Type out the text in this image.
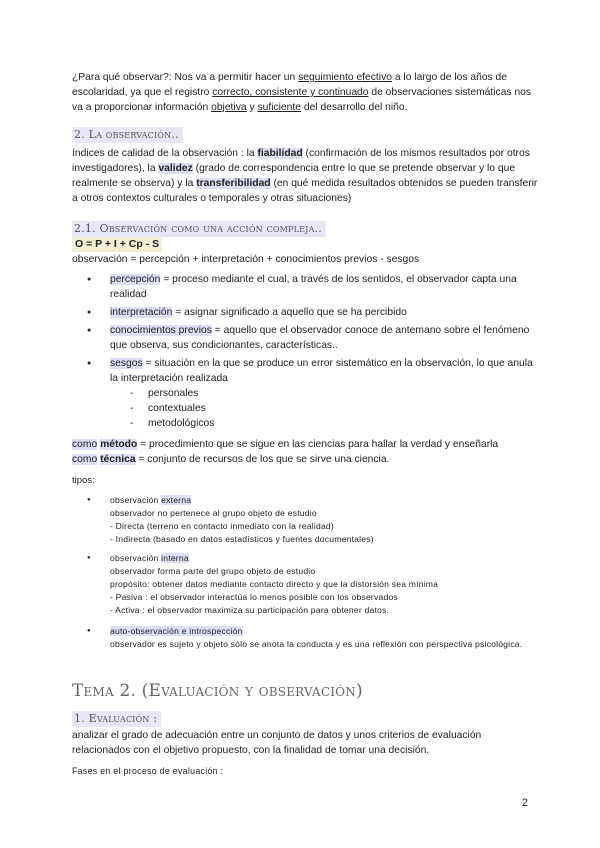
¿Para qué observar?: Nos va a permitir hacer un seguimiento efectivo a lo largo de los años de escolaridad, ya que el registro correcto, consistente y continuado de observaciones sistemáticas nos va a proporcionar información objetiva y suficiente del desarrollo del niño.

2. La observación..

índices de calidad de la observación : la fiabilidad (confirmación de los mismos resultados por otros investigadores), la validez (grado de correspondencia entre lo que se pretende observar y lo que realmente se observa) y la transferibilidad (en qué medida resultados obtenidos se pueden transferir a otros contextos culturales o temporales y otras situaciones)

2.1. Observación como una acción compleja..
O = P + I + Cp - S

observación = percepción + interpretación + conocimientos previos - sesgos

● percepción = proceso mediante el cual, a través de los sentidos, el observador capta una realidad
● interpretación = asignar significado a aquello que se ha percibido
● conocimientos previos = aquello que el observador conoce de antemano sobre el fenómeno que observa, sus condicionantes, características..
● sesgos = situación en la que se produce un error sistemático en la observación, lo que anula la interpretación realizada
- personales
- contextuales
- metodológicos

como método = procedimiento que se sigue en las ciencias para hallar la verdad y enseñarla

como técnica = conjunto de recursos de los que se sirve una ciencia.

tipos:

● observación externa
observador no pertenece al grupo objeto de estudio
- Directa (terreno en contacto inmediato con la realidad)
- Indirecta (basado en datos estadísticos y fuentes documentales)
● observación interna
observador forma parte del grupo objeto de estudio
propósito: obtener datos mediante contacto directo y que la distorsión sea mínima
- Pasiva : el observador interactúa lo menos posible con los observados
- Activa : el observador maximiza su participación para obtener datos.
● auto-observación e introspección
observador es sujeto y objeto sólo se anota la conducta y es una reflexión con perspectiva psicológica.
Tema 2. (Evaluación y observación)
1. Evaluación :

analizar el grado de adecuación entre un conjunto de datos y unos criterios de evaluación relacionados con el objetivo propuesto, con la finalidad de tomar una decisión.

Fases en el proceso de evaluación :

2
